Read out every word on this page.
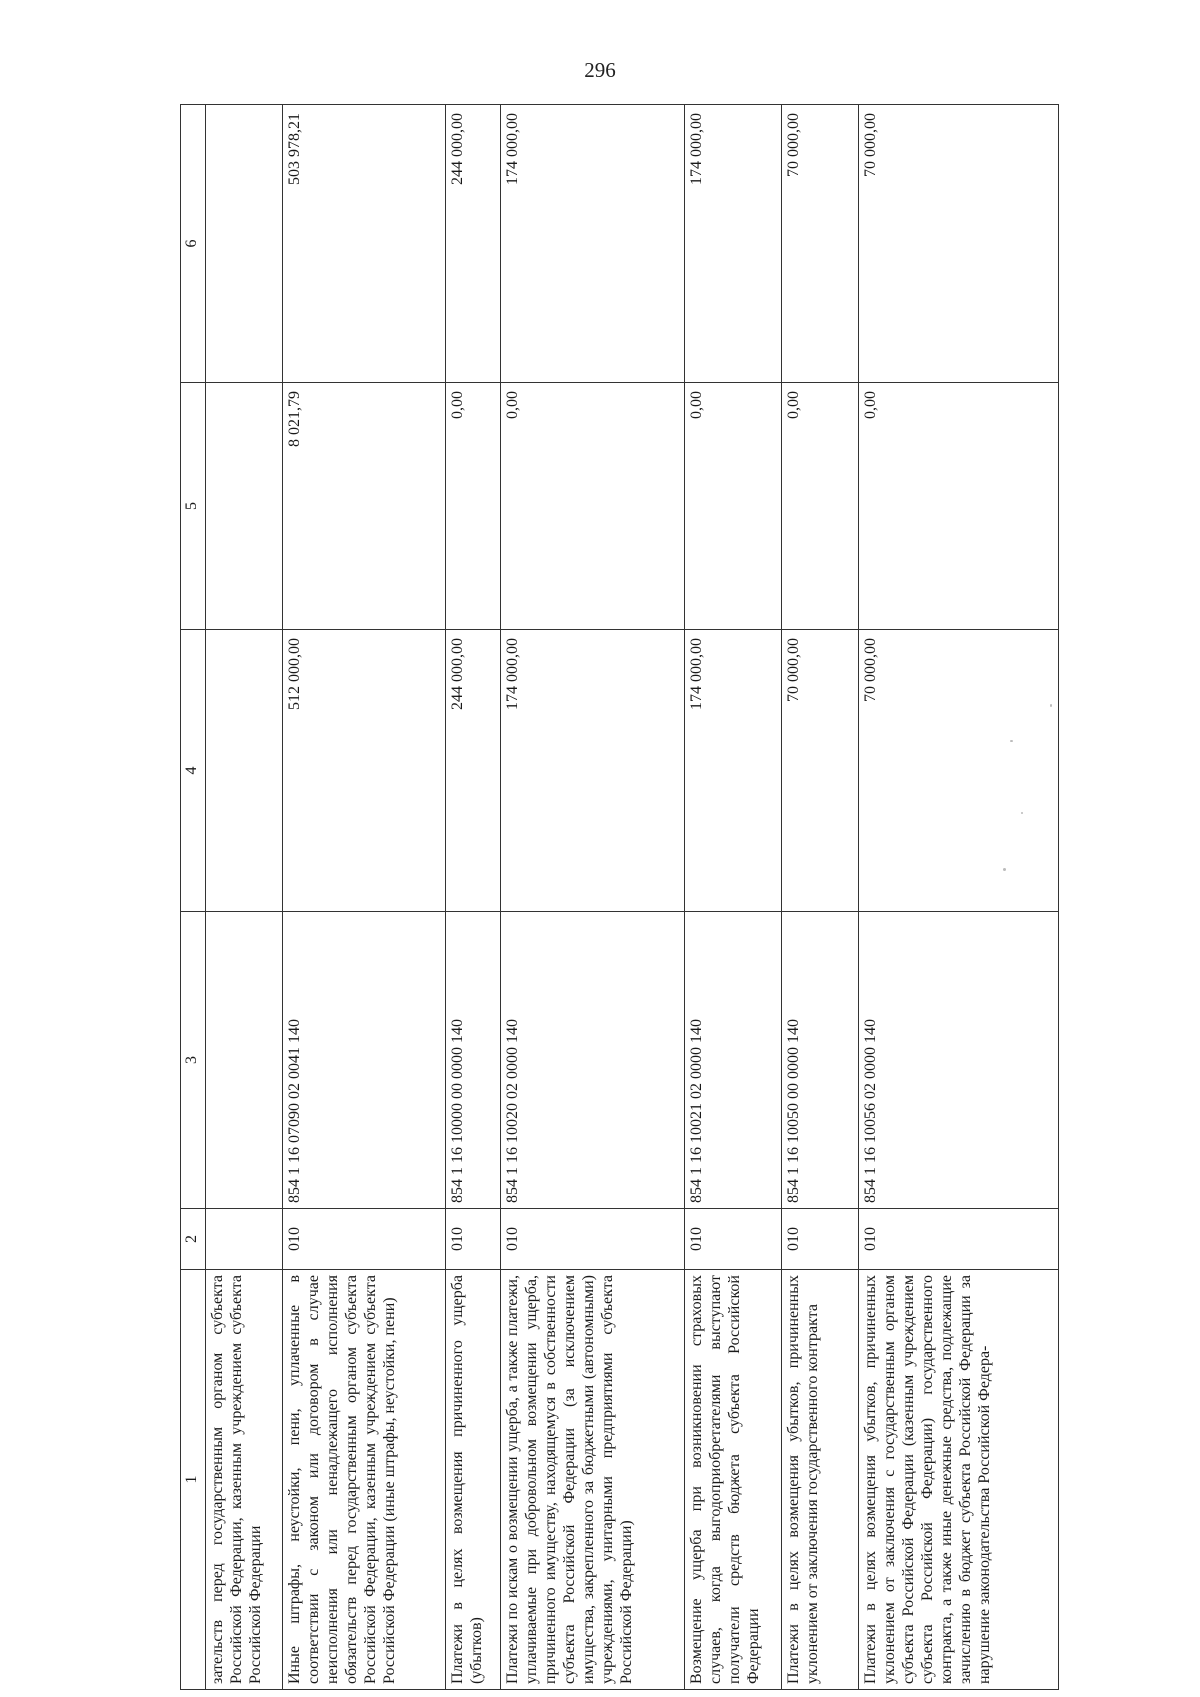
296
1	2	3	4	5	6
зательств перед государственным органом субъекта Российской Федерации, казенным учреждением субъекта Российской Федерации					
Иные штрафы, неустойки, пени, уплаченные в соответствии с законом или договором в случае неисполнения или ненадлежащего исполнения обязательств перед государственным органом субъекта Российской Федерации, казенным учреждением субъекта Российской Федерации (иные штрафы, неустойки, пени)	010	854 1 16 07090 02 0041 140	512 000,00	8 021,79	503 978,21
Платежи в целях возмещения причиненного ущерба (убытков)	010	854 1 16 10000 00 0000 140	244 000,00	0,00	244 000,00
Платежи по искам о возмещении ущерба, а также платежи, уплачиваемые при добровольном возмещении ущерба, причиненного имуществу, находящемуся в собственности субъекта Российской Федерации (за исключением имущества, закрепленного за бюджетными (автономными) учреждениями, унитарными предприятиями субъекта Российской Федерации)	010	854 1 16 10020 02 0000 140	174 000,00	0,00	174 000,00
Возмещение ущерба при возникновении страховых случаев, когда выгодоприобретателями выступают получатели средств бюджета субъекта Российской Федерации	010	854 1 16 10021 02 0000 140	174 000,00	0,00	174 000,00
Платежи в целях возмещения убытков, причиненных уклонением от заключения государственного контракта	010	854 1 16 10050 00 0000 140	70 000,00	0,00	70 000,00
Платежи в целях возмещения убытков, причиненных уклонением от заключения с государственным органом субъекта Российской Федерации (казенным учреждением субъекта Российской Федерации) государственного контракта, а также иные денежные средства, подлежащие зачислению в бюджет субъекта Российской Федерации за нарушение законодательства Российской Федера-	010	854 1 16 10056 02 0000 140	70 000,00	0,00	70 000,00
